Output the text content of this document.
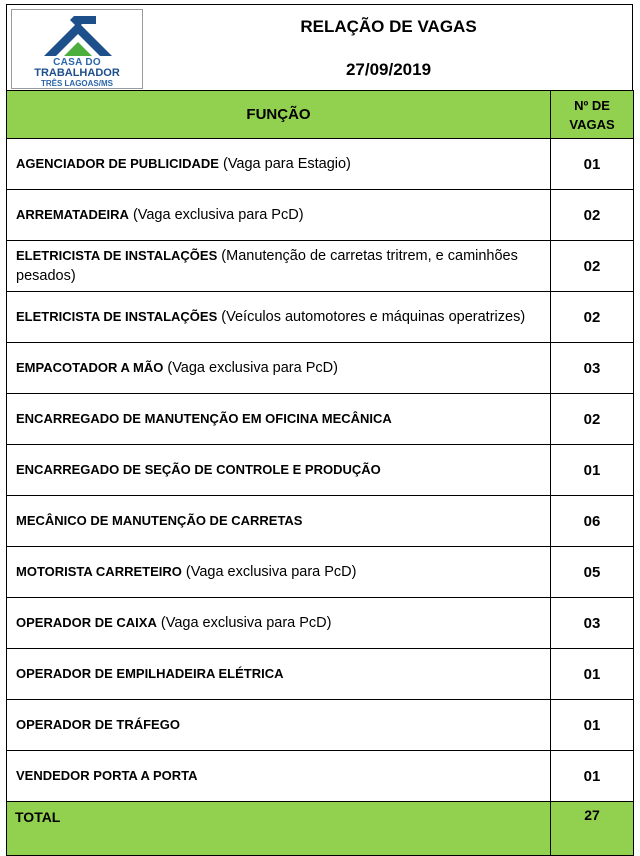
CASA DO
TRABALHADOR
TRÊS LAGOAS/MS
RELAÇÃO DE VAGAS
27/09/2019
FUNÇÃO	Nº DE VAGAS
AGENCIADOR DE PUBLICIDADE (Vaga para Estagio)	01
ARREMATADEIRA (Vaga exclusiva para PcD)	02
ELETRICISTA DE INSTALAÇÕES (Manutenção de carretas tritrem, e caminhões pesados)	02
ELETRICISTA DE INSTALAÇÕES (Veículos automotores e máquinas operatrizes)	02
EMPACOTADOR A MÃO (Vaga exclusiva para PcD)	03
ENCARREGADO DE MANUTENÇÃO EM OFICINA MECÂNICA	02
ENCARREGADO DE SEÇÃO DE CONTROLE E PRODUÇÃO	01
MECÂNICO DE MANUTENÇÃO DE CARRETAS	06
MOTORISTA CARRETEIRO (Vaga exclusiva para PcD)	05
OPERADOR DE CAIXA (Vaga exclusiva para PcD)	03
OPERADOR DE EMPILHADEIRA ELÉTRICA	01
OPERADOR DE TRÁFEGO	01
VENDEDOR PORTA A PORTA	01
TOTAL	27
